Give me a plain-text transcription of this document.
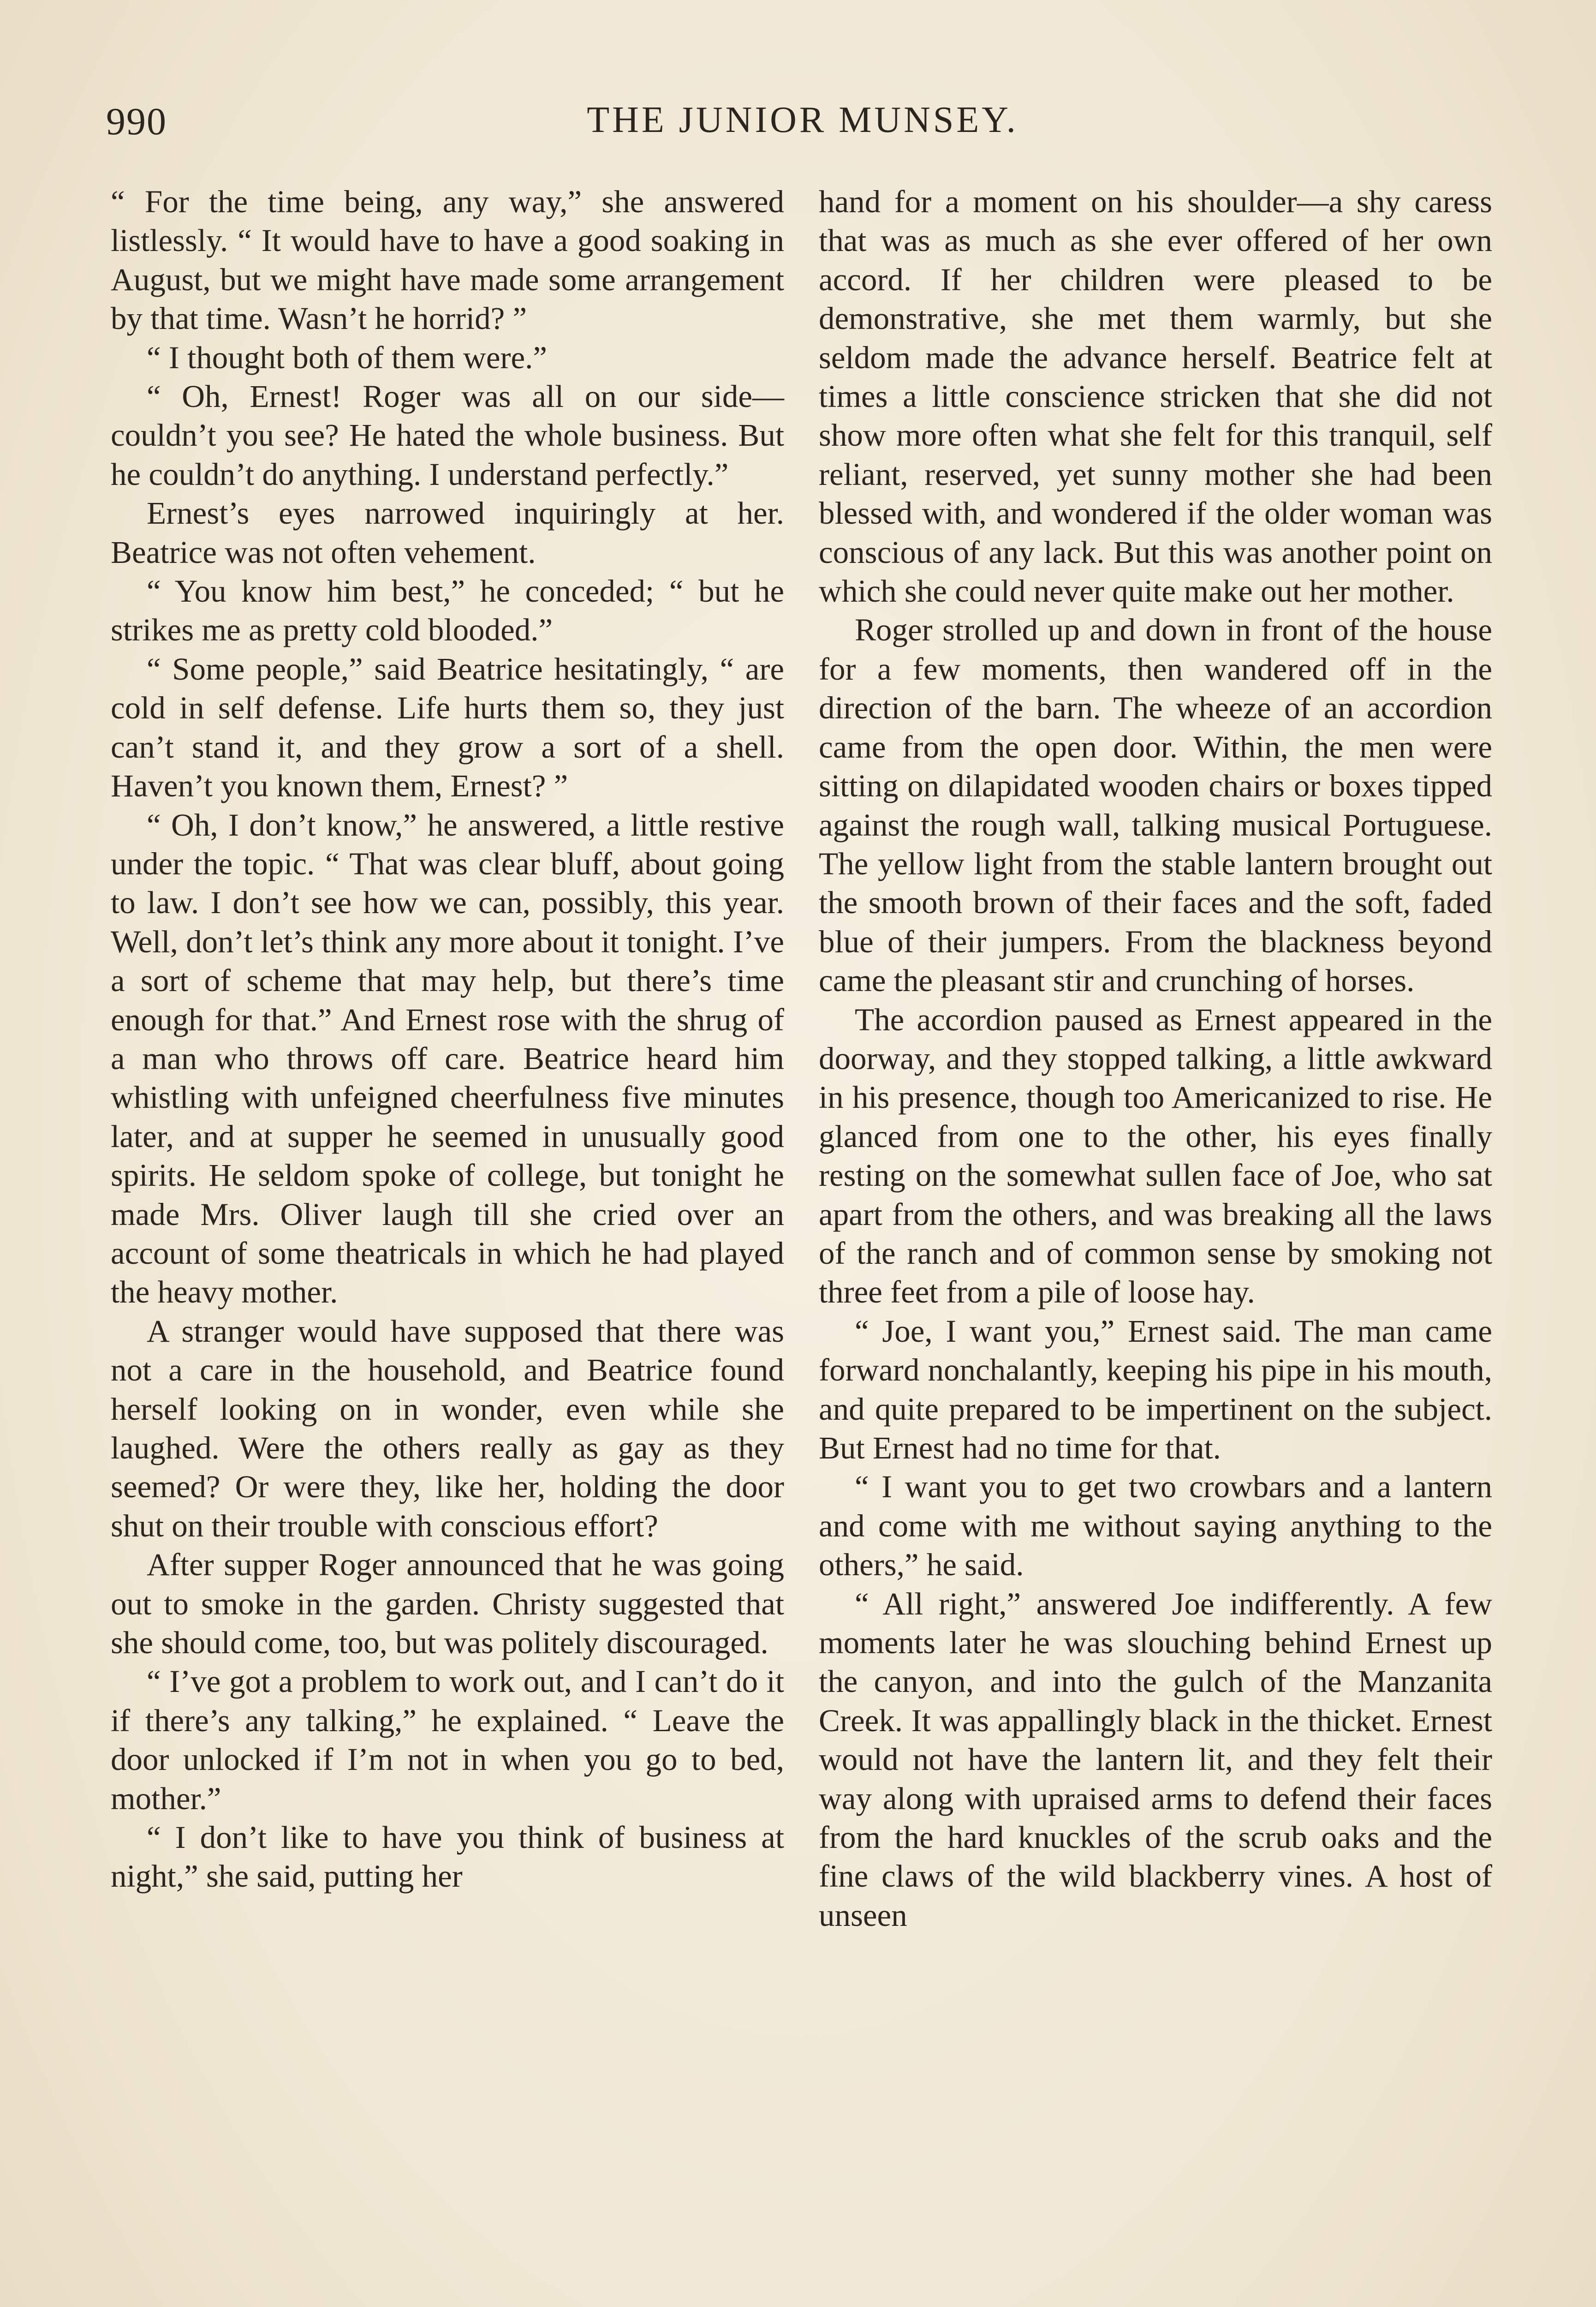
990	THE JUNIOR MUNSEY.

“ For the time being, any way,” she answered listlessly. “ It would have to have a good soaking in August, but we might have made some arrangement by that time. Wasn’t he horrid? ”

“ I thought both of them were.”

“ Oh, Ernest! Roger was all on our side—couldn’t you see? He hated the whole business. But he couldn’t do anything. I understand perfectly.”

Ernest’s eyes narrowed inquiringly at her. Beatrice was not often vehement.

“ You know him best,” he conceded; “ but he strikes me as pretty cold blooded.”

“ Some people,” said Beatrice hesitatingly, “ are cold in self defense. Life hurts them so, they just can’t stand it, and they grow a sort of a shell. Haven’t you known them, Ernest? ”

“ Oh, I don’t know,” he answered, a little restive under the topic. “ That was clear bluff, about going to law. I don’t see how we can, possibly, this year. Well, don’t let’s think any more about it tonight. I’ve a sort of scheme that may help, but there’s time enough for that.” And Ernest rose with the shrug of a man who throws off care. Beatrice heard him whistling with unfeigned cheerfulness five minutes later, and at supper he seemed in unusually good spirits. He seldom spoke of college, but tonight he made Mrs. Oliver laugh till she cried over an account of some theatricals in which he had played the heavy mother.

A stranger would have supposed that there was not a care in the household, and Beatrice found herself looking on in wonder, even while she laughed. Were the others really as gay as they seemed? Or were they, like her, holding the door shut on their trouble with conscious effort?

After supper Roger announced that he was going out to smoke in the garden. Christy suggested that she should come, too, but was politely discouraged.

“ I’ve got a problem to work out, and I can’t do it if there’s any talking,” he explained. “ Leave the door unlocked if I’m not in when you go to bed, mother.”

“ I don’t like to have you think of business at night,” she said, putting her

hand for a moment on his shoulder—a shy caress that was as much as she ever offered of her own accord. If her children were pleased to be demonstrative, she met them warmly, but she seldom made the advance herself. Beatrice felt at times a little conscience stricken that she did not show more often what she felt for this tranquil, self reliant, reserved, yet sunny mother she had been blessed with, and wondered if the older woman was conscious of any lack. But this was another point on which she could never quite make out her mother.

Roger strolled up and down in front of the house for a few moments, then wandered off in the direction of the barn. The wheeze of an accordion came from the open door. Within, the men were sitting on dilapidated wooden chairs or boxes tipped against the rough wall, talking musical Portuguese. The yellow light from the stable lantern brought out the smooth brown of their faces and the soft, faded blue of their jumpers. From the blackness beyond came the pleasant stir and crunching of horses.

The accordion paused as Ernest appeared in the doorway, and they stopped talking, a little awkward in his presence, though too Americanized to rise. He glanced from one to the other, his eyes finally resting on the somewhat sullen face of Joe, who sat apart from the others, and was breaking all the laws of the ranch and of common sense by smoking not three feet from a pile of loose hay.

“ Joe, I want you,” Ernest said. The man came forward nonchalantly, keeping his pipe in his mouth, and quite prepared to be impertinent on the subject. But Ernest had no time for that.

“ I want you to get two crowbars and a lantern and come with me without saying anything to the others,” he said.

“ All right,” answered Joe indifferently. A few moments later he was slouching behind Ernest up the canyon, and into the gulch of the Manzanita Creek. It was appallingly black in the thicket. Ernest would not have the lantern lit, and they felt their way along with upraised arms to defend their faces from the hard knuckles of the scrub oaks and the fine claws of the wild blackberry vines. A host of unseen
